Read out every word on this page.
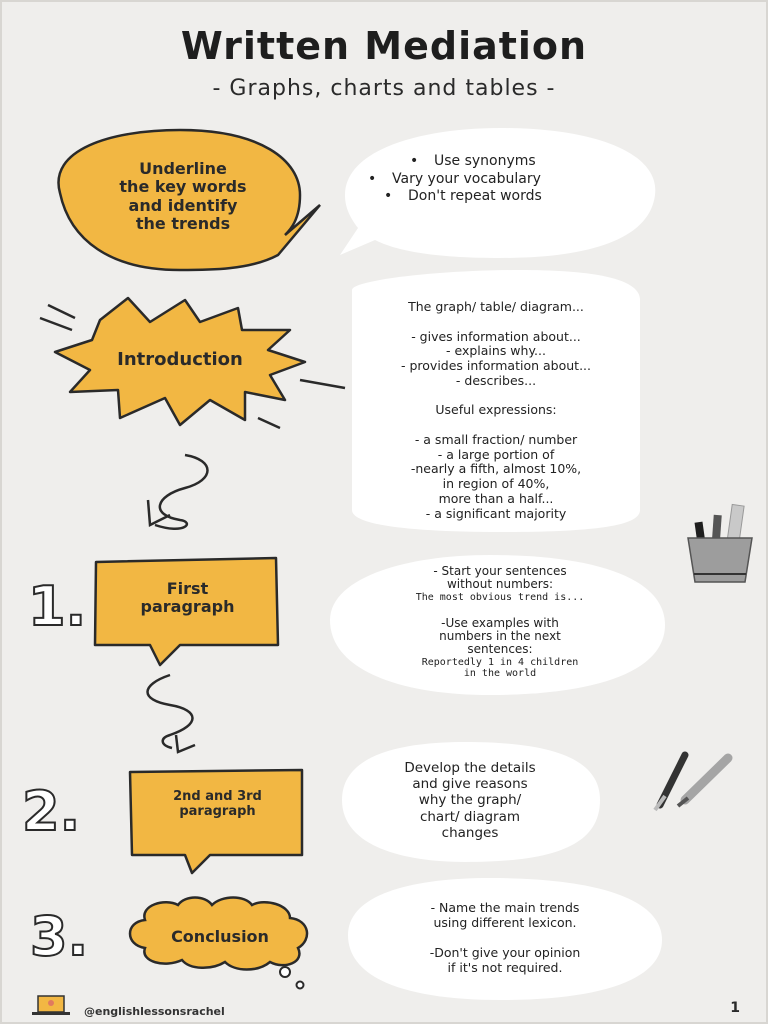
Written Mediation
- Graphs, charts and tables -
Underline
the key words
and identify
the trends
• Use synonyms
• Vary your vocabulary
• Don't repeat words
Introduction
The graph/ table/ diagram...

- gives information about...
- explains why...
- provides information about...
- describes...

Useful expressions:

- a small fraction/ number
- a large portion of
-nearly a fifth, almost 10%,
in region of 40%,
more than a half...
- a significant majority
1.	First
paragraph
- Start your sentences
without numbers:
The most obvious trend is...

-Use examples with
numbers in the next
sentences:
Reportedly 1 in 4 children
in the world
2.	2nd and 3rd
paragraph
Develop the details
and give reasons
why the graph/
chart/ diagram
changes
3.	Conclusion
- Name the main trends
using different lexicon.

-Don't give your opinion
if it's not required.
@englishlessonsrachel	1
